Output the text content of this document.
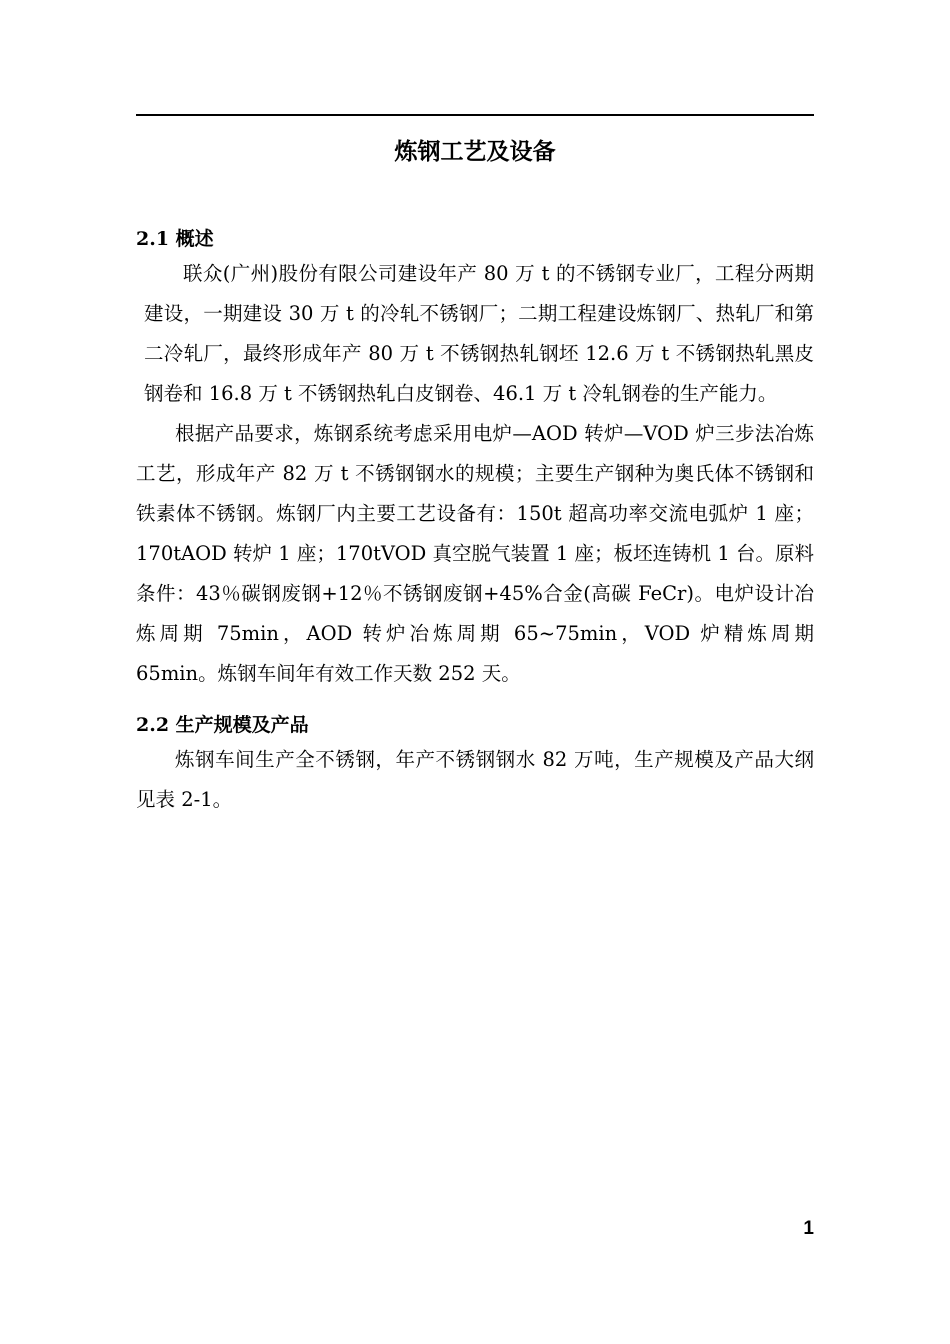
炼钢工艺及设备
2.1 概述

联众(广州)股份有限公司建设年产 80 万 t 的不锈钢专业厂，工程分两期建设，一期建设 30 万 t 的冷轧不锈钢厂；二期工程建设炼钢厂、热轧厂和第二冷轧厂，最终形成年产 80 万 t 不锈钢热轧钢坯 12.6 万 t 不锈钢热轧黑皮钢卷和 16.8 万 t 不锈钢热轧白皮钢卷、46.1 万 t 冷轧钢卷的生产能力。

根据产品要求，炼钢系统考虑采用电炉—AOD 转炉—VOD 炉三步法冶炼工艺，形成年产 82 万 t 不锈钢钢水的规模；主要生产钢种为奥氏体不锈钢和铁素体不锈钢。炼钢厂内主要工艺设备有：150t 超高功率交流电弧炉 1 座；170tAOD 转炉 1 座；170tVOD 真空脱气装置 1 座；板坯连铸机 1 台。原料条件：43％碳钢废钢+12％不锈钢废钢+45%合金(高碳 FeCr)。电炉设计冶炼周期 75min，AOD 转炉冶炼周期 65~75min，VOD 炉精炼周期 65min。炼钢车间年有效工作天数 252 天。

2.2 生产规模及产品

炼钢车间生产全不锈钢，年产不锈钢钢水 82 万吨，生产规模及产品大纲见表 2-1。

1
